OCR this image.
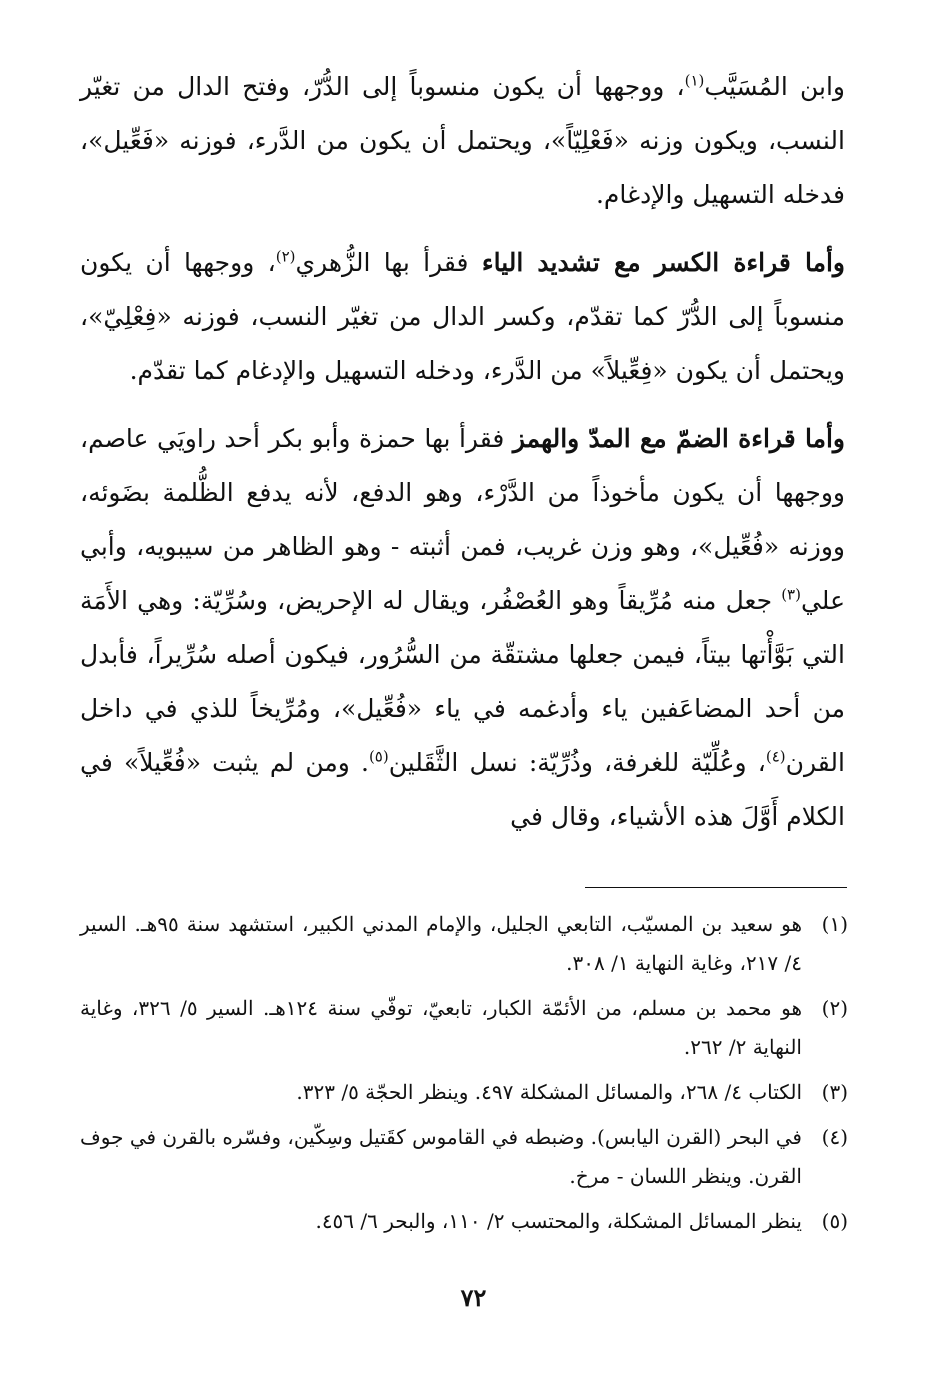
وابن المُسَيَّب$^{(١)}$، ووجهها أن يكون منسوباً إلى الدُّرّ، وفتح الدال من تغيّر النسب، ويكون وزنه «فَعْلِيّاً»، ويحتمل أن يكون من الدَّرء، فوزنه «فَعِّيل»، فدخله التسهيل والإدغام.

وأما قراءة الكسر مع تشديد الياء فقرأ بها الزُّهري$^{(٢)}$، ووجهها أن يكون منسوباً إلى الدُّرّ كما تقدّم، وكسر الدال من تغيّر النسب، فوزنه «فِعْلِيّ»، ويحتمل أن يكون «فِعِّيلاً» من الدَّرء، ودخله التسهيل والإدغام كما تقدّم.

وأما قراءة الضمّ مع المدّ والهمز فقرأ بها حمزة وأبو بكر أحد راويَي عاصم، ووجهها أن يكون مأخوذاً من الدَّرْء، وهو الدفع، لأنه يدفع الظُّلمة بضَوئه، ووزنه «فُعِّيل»، وهو وزن غريب، فمن أثبته - وهو الظاهر من سيبويه، وأبي علي$^{(٣)}$ جعل منه مُرِّيقاً وهو العُصْفُر، ويقال له الإحريض، وسُرِّيّة: وهي الأَمَة التي بَوَّأْتها بيتاً، فيمن جعلها مشتقّة من السُّرُور، فيكون أصله سُرِّيراً، فأبدل من أحد المضاعَفين ياء وأدغمه في ياء «فُعِّيل»، ومُرِّيخاً للذي في داخل القرن$^{(٤)}$، وعُلِّيّة للغرفة، وذُرِّيّة: نسل الثَّقَلين$^{(٥)}$. ومن لم يثبت «فُعِّيلاً» في الكلام أَوَّلَ هذه الأشياء، وقال في

(١)
هو سعيد بن المسيّب، التابعي الجليل، والإمام المدني الكبير، استشهد سنة ٩٥هـ. السير ٤/ ٢١٧، وغاية النهاية ١/ ٣٠٨.
(٢)
هو محمد بن مسلم، من الأئمّة الكبار، تابعيّ، توفّي سنة ١٢٤هـ. السير ٥/ ٣٢٦، وغاية النهاية ٢/ ٢٦٢.
(٣)
الكتاب ٤/ ٢٦٨، والمسائل المشكلة ٤٩٧. وينظر الحجّة ٥/ ٣٢٣.
(٤)
في البحر (القرن اليابس). وضبطه في القاموس كقَتيل وسِكّين، وفسّره بالقرن في جوف القرن. وينظر اللسان - مرخ.
(٥)
ينظر المسائل المشكلة، والمحتسب ٢/ ١١٠، والبحر ٦/ ٤٥٦.
٧٢
